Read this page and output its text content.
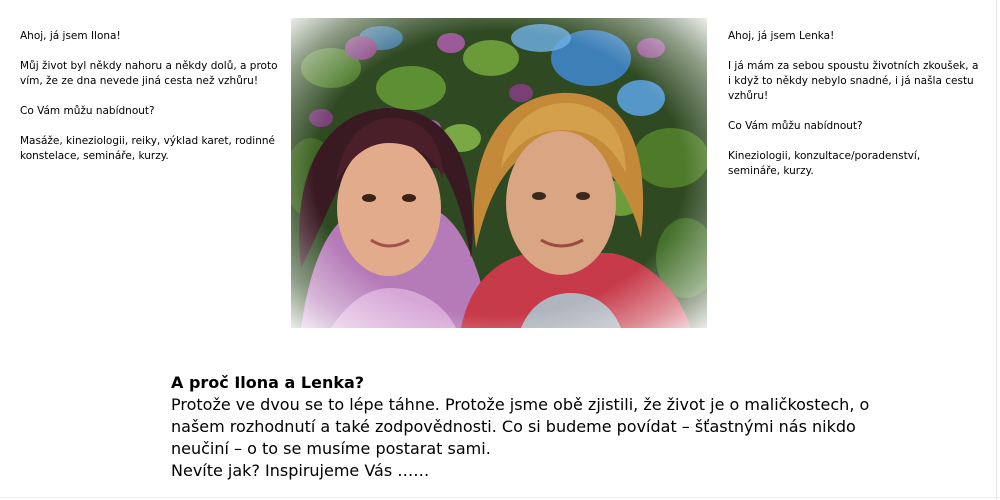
Ahoj, já jsem Ilona!

Můj život byl někdy nahoru a někdy dolů, a proto
vím, že ze dna nevede jiná cesta než vzhůru!

Co Vám můžu nabídnout?

Masáže, kineziologii, reiky, výklad karet, rodinné
konstelace, semináře, kurzy.

Ahoj, já jsem Lenka!

I já mám za sebou spoustu životních zkoušek, a
i když to někdy nebylo snadné, i já našla cestu
vzhůru!

Co Vám můžu nabídnout?

Kineziologii, konzultace/poradenství,
semináře, kurzy.

A proč Ilona a Lenka?
Protože ve dvou se to lépe táhne. Protože jsme obě zjistili, že život je o maličkostech, o
našem rozhodnutí a také zodpovědnosti. Co si budeme povídat – šťastnými nás nikdo
neučiní – o to se musíme postarat sami.
Nevíte jak? Inspirujeme Vás ……
